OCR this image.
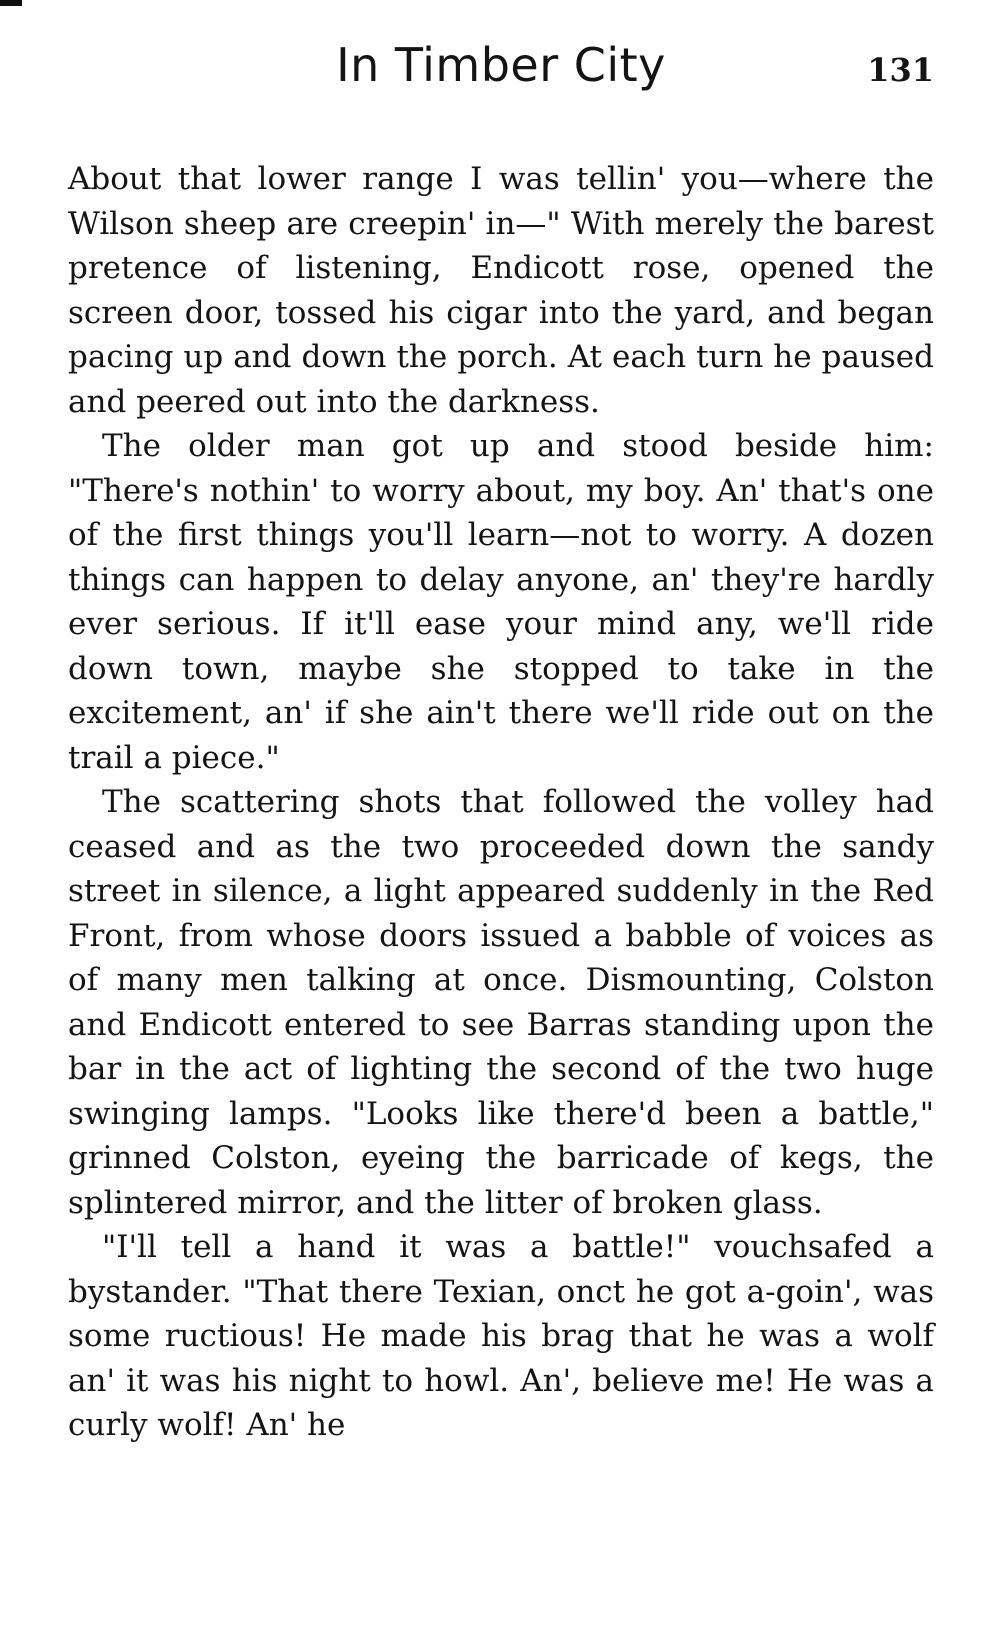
In Timber City	131

About that lower range I was tellin' you—where the Wilson sheep are creepin' in—" With merely the barest pretence of listening, Endicott rose, opened the screen door, tossed his cigar into the yard, and began pacing up and down the porch. At each turn he paused and peered out into the darkness.

The older man got up and stood beside him: "There's nothin' to worry about, my boy. An' that's one of the first things you'll learn—not to worry. A dozen things can happen to delay anyone, an' they're hardly ever serious. If it'll ease your mind any, we'll ride down town, maybe she stopped to take in the excitement, an' if she ain't there we'll ride out on the trail a piece."

The scattering shots that followed the volley had ceased and as the two proceeded down the sandy street in silence, a light appeared suddenly in the Red Front, from whose doors issued a babble of voices as of many men talking at once. Dismounting, Colston and Endicott entered to see Barras standing upon the bar in the act of lighting the second of the two huge swinging lamps. "Looks like there'd been a battle," grinned Colston, eyeing the barricade of kegs, the splintered mirror, and the litter of broken glass.

"I'll tell a hand it was a battle!" vouchsafed a bystander. "That there Texian, onct he got a-goin', was some ructious! He made his brag that he was a wolf an' it was his night to howl. An', believe me! He was a curly wolf! An' he
